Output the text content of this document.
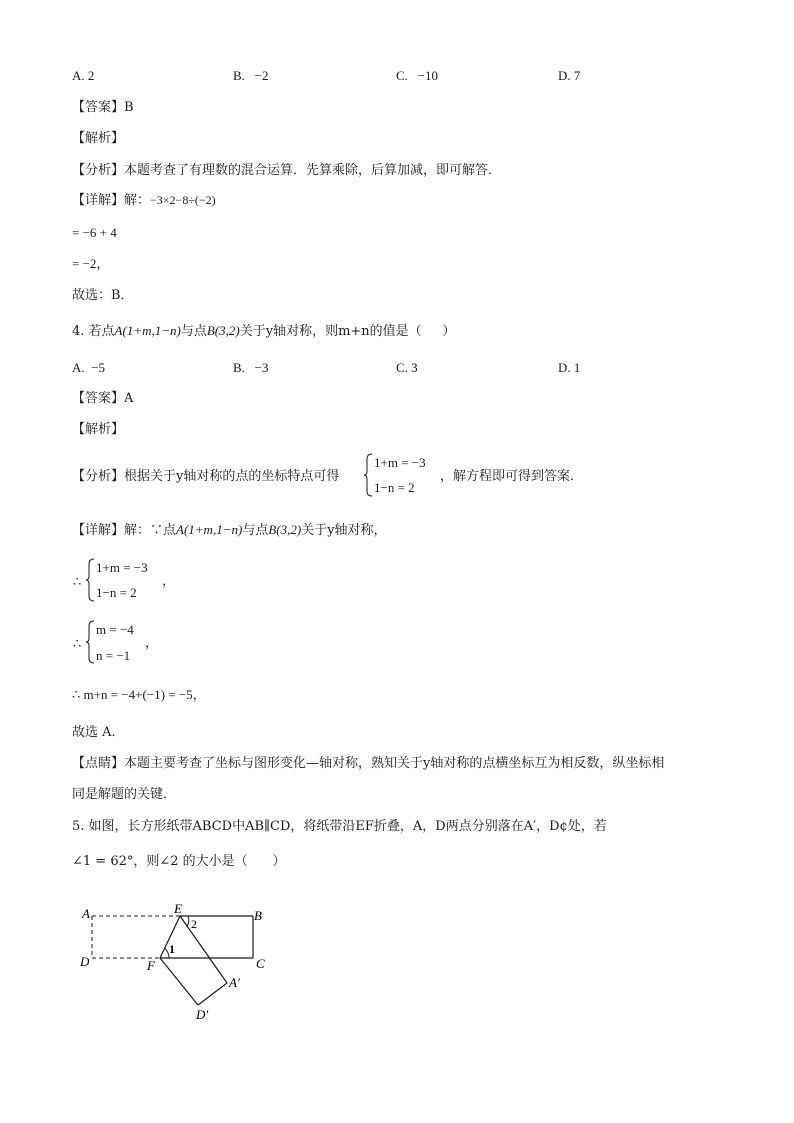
A. 2	B.   −2	C.   −10	D. 7
【答案】B
【解析】
【分析】本题考查了有理数的混合运算．先算乘除，后算加减，即可解答．
【详解】解：−3×2−8÷(−2)
= −6 + 4
= −2，
故选：B．
4. 若点A(1+m,1−n)与点B(3,2)关于y轴对称，则m+n的值是（     ）
A.  −5	B.   −3	C. 3	D. 1
【答案】A
【解析】
【分析】根据关于y轴对称的点的坐标特点可得
1+m = −3
1−n = 2
，解方程即可得到答案．
【详解】解：∵点A(1+m,1−n)与点B(3,2)关于y轴对称，
∴
1+m = −3
1−n = 2
，
∴
m = −4
n = −1
，
∴ m+n = −4+(−1) = −5，
故选 A．
【点睛】本题主要考查了坐标与图形变化—轴对称，熟知关于y轴对称的点横坐标互为相反数，纵坐标相
同是解题的关键．
5. 如图，长方形纸带ABCD中AB∥CD，将纸带沿EF折叠，A，D两点分别落在A′，D¢处，若
∠1 = 62°，则∠2 的大小是（      ）
A	E	B
2
1
D	F	C
A′
D′
